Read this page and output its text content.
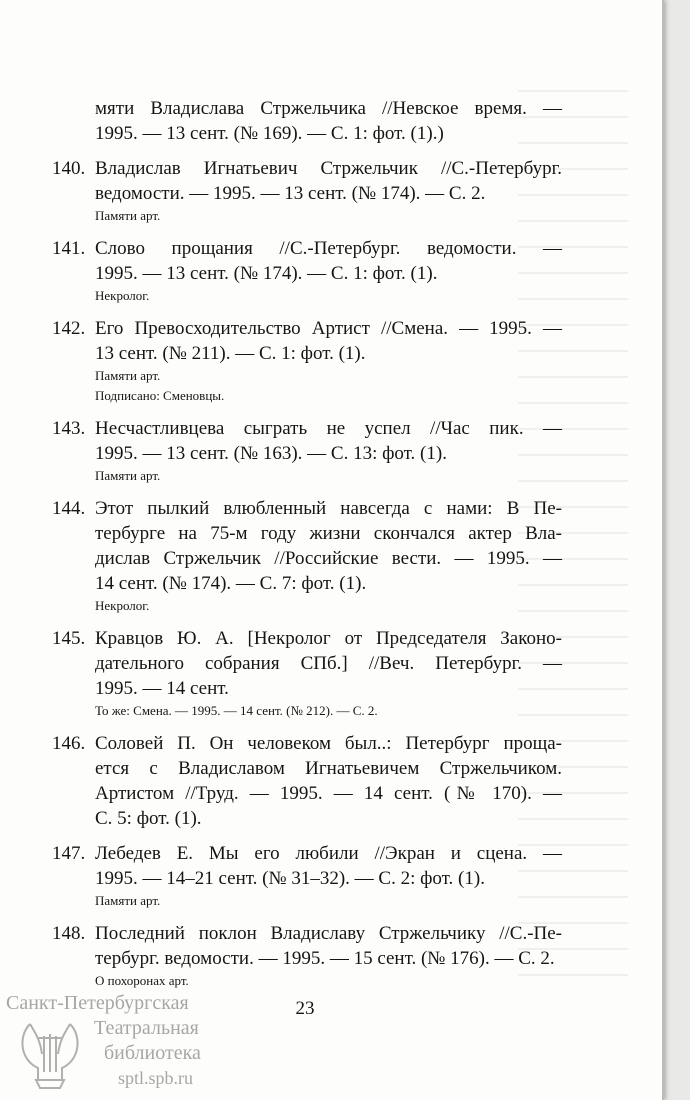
мяти Владислава Стржельчика //Невское время. —
1995. — 13 сент. (№ 169). — С. 1: фот. (1).)
140. Владислав Игнатьевич Стржельчик //С.-Петербург.
ведомости. — 1995. — 13 сент. (№ 174). — С. 2.
Памяти арт.
141. Слово прощания //С.-Петербург. ведомости. —
1995. — 13 сент. (№ 174). — С. 1: фот. (1).
Некролог.
142. Его Превосходительство Артист //Смена. — 1995. —
13 сент. (№ 211). — С. 1: фот. (1).
Памяти арт.
Подписано: Сменовцы.
143. Несчастливцева сыграть не успел //Час пик. —
1995. — 13 сент. (№ 163). — С. 13: фот. (1).
Памяти арт.
144. Этот пылкий влюбленный навсегда с нами: В Пе-
тербурге на 75-м году жизни скончался актер Вла-
дислав Стржельчик //Российские вести. — 1995. —
14 сент. (№ 174). — С. 7: фот. (1).
Некролог.
145. Кравцов Ю. А. [Некролог от Председателя Законо-
дательного собрания СПб.] //Веч. Петербург. —
1995. — 14 сент.
То же: Смена. — 1995. — 14 сент. (№ 212). — С. 2.
146. Соловей П. Он человеком был..: Петербург проща-
ется с Владиславом Игнатьевичем Стржельчиком.
Артистом //Труд. — 1995. — 14 сент. (№ 170). —
С. 5: фот. (1).
147. Лебедев Е. Мы его любили //Экран и сцена. —
1995. — 14–21 сент. (№ 31–32). — С. 2: фот. (1).
Памяти арт.
148. Последний поклон Владиславу Стржельчику //С.-Пе-
тербург. ведомости. — 1995. — 15 сент. (№ 176). — С. 2.
О похоронах арт.
23
Санкт-Петербургская
Театральная
библиотека
sptl.spb.ru
